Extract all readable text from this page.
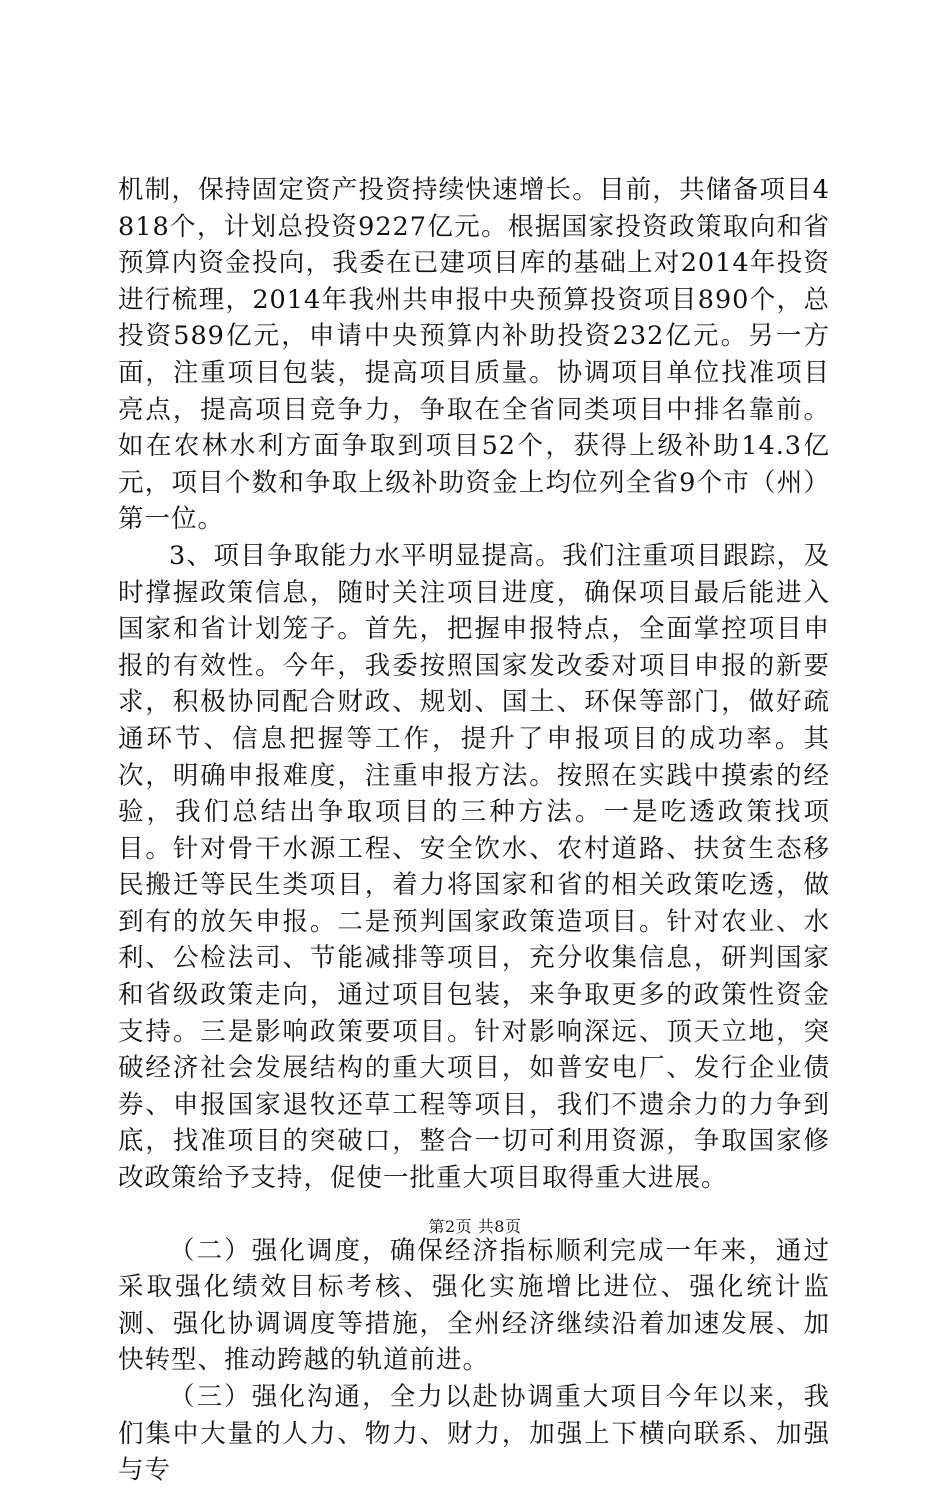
机制，保持固定资产投资持续快速增长。目前，共储备项目4818个，计划总投资9227亿元。根据国家投资政策取向和省预算内资金投向，我委在已建项目库的基础上对2014年投资进行梳理，2014年我州共申报中央预算投资项目890个，总投资589亿元，申请中央预算内补助投资232亿元。另一方面，注重项目包装，提高项目质量。协调项目单位找准项目亮点，提高项目竞争力，争取在全省同类项目中排名靠前。如在农林水利方面争取到项目52个，获得上级补助14.3亿元，项目个数和争取上级补助资金上均位列全省9个市（州）第一位。

3、项目争取能力水平明显提高。我们注重项目跟踪，及时撑握政策信息，随时关注项目进度，确保项目最后能进入国家和省计划笼子。首先，把握申报特点，全面掌控项目申报的有效性。今年，我委按照国家发改委对项目申报的新要求，积极协同配合财政、规划、国土、环保等部门，做好疏通环节、信息把握等工作，提升了申报项目的成功率。其次，明确申报难度，注重申报方法。按照在实践中摸索的经验，我们总结出争取项目的三种方法。一是吃透政策找项目。针对骨干水源工程、安全饮水、农村道路、扶贫生态移民搬迁等民生类项目，着力将国家和省的相关政策吃透，做到有的放矢申报。二是预判国家政策造项目。针对农业、水利、公检法司、节能减排等项目，充分收集信息，研判国家和省级政策走向，通过项目包装，来争取更多的政策性资金支持。三是影响政策要项目。针对影响深远、顶天立地，突破经济社会发展结构的重大项目，如普安电厂、发行企业债券、申报国家退牧还草工程等项目，我们不遗余力的力争到底，找准项目的突破口，整合一切可利用资源，争取国家修改政策给予支持，促使一批重大项目取得重大进展。

（二）强化调度，确保经济指标顺利完成一年来，通过采取强化绩效目标考核、强化实施增比进位、强化统计监测、强化协调调度等措施，全州经济继续沿着加速发展、加快转型、推动跨越的轨道前进。

（三）强化沟通，全力以赴协调重大项目今年以来，我们集中大量的人力、物力、财力，加强上下横向联系、加强与专

第2页 共8页
